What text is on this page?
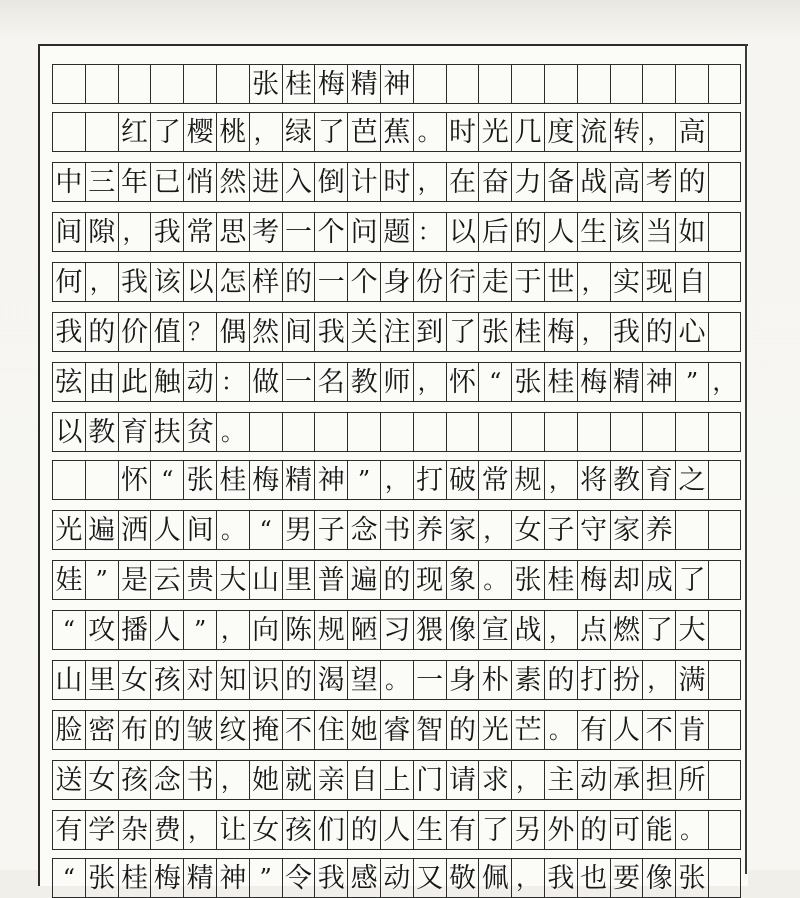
张 桂 梅 精 神
红 了 樱 桃 ， 绿 了 芭 蕉 。 时 光 几 度 流 转 ， 高
中 三 年 已 悄 然 进 入 倒 计 时 ， 在 奋 力 备 战 高 考 的
间 隙 ， 我 常 思 考 一 个 问 题 ： 以 后 的 人 生 该 当 如
何 ， 我 该 以 怎 样 的 一 个 身 份 行 走 于 世 ， 实 现 自
我 的 价 值 ？ 偶 然 间 我 关 注 到 了 张 桂 梅 ， 我 的 心
弦 由 此 触 动 ： 做 一 名 教 师 ， 怀 “ 张 桂 梅 精 神 ” ，
以 教 育 扶 贫 。
怀 “ 张 桂 梅 精 神 ” ， 打 破 常 规 ， 将 教 育 之
光 遍 洒 人 间 。 “ 男 子 念 书 养 家 ， 女 子 守 家 养
娃 ” 是 云 贵 大 山 里 普 遍 的 现 象 。 张 桂 梅 却 成 了
“ 攻 播 人 ” ， 向 陈 规 陋 习 猥 像 宣 战 ， 点 燃 了 大
山 里 女 孩 对 知 识 的 渴 望 。 一 身 朴 素 的 打 扮 ， 满
脸 密 布 的 皱 纹 掩 不 住 她 睿 智 的 光 芒 。 有 人 不 肯
送 女 孩 念 书 ， 她 就 亲 自 上 门 请 求 ， 主 动 承 担 所
有 学 杂 费 ， 让 女 孩 们 的 人 生 有 了 另 外 的 可 能 。
“ 张 桂 梅 精 神 ” 令 我 感 动 又 敬 佩 ， 我 也 要 像 张
